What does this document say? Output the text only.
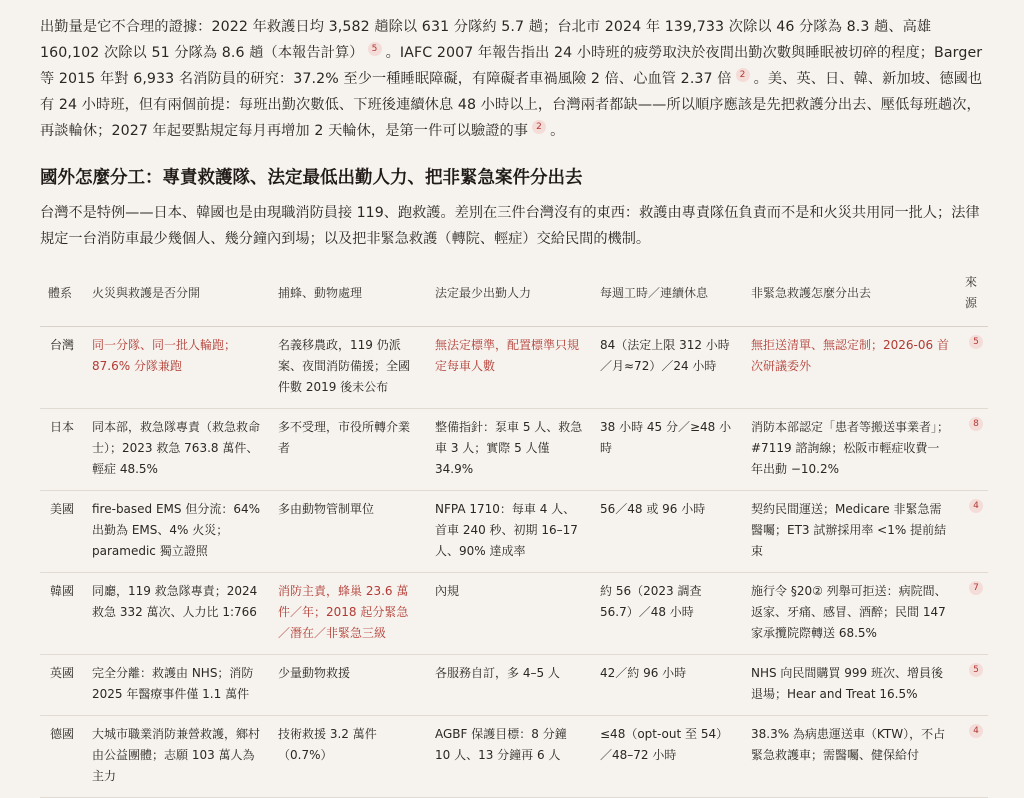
出勤量是它不合理的證據：2022 年救護日均 3,582 趟除以 631 分隊約 5.7 趟；台北市 2024 年 139,733 次除以 46 分隊為 8.3 趟、高雄 160,102 次除以 51 分隊為 8.6 趟（本報告計算） 5 。IAFC 2007 年報告指出 24 小時班的疲勞取決於夜間出勤次數與睡眠被切碎的程度；Barger 等 2015 年對 6,933 名消防員的研究：37.2% 至少一種睡眠障礙，有障礙者車禍風險 2 倍、心血管 2.37 倍 2 。美、英、日、韓、新加坡、德國也有 24 小時班，但有兩個前提：每班出勤次數低、下班後連續休息 48 小時以上，台灣兩者都缺——所以順序應該是先把救護分出去、壓低每班趟次，再談輪休；2027 年起要點規定每月再增加 2 天輪休，是第一件可以驗證的事 2 。

國外怎麼分工：專責救護隊、法定最低出勤人力、把非緊急案件分出去

台灣不是特例——日本、韓國也是由現職消防員接 119、跑救護。差別在三件台灣沒有的東西：救護由專責隊伍負責而不是和火災共用同一批人；法律規定一台消防車最少幾個人、幾分鐘內到場；以及把非緊急救護（轉院、輕症）交給民間的機制。

體系	火災與救護是否分開	捕蜂、動物處理	法定最少出勤人力	每週工時／連續休息	非緊急救護怎麼分出去	來源
台灣	同一分隊、同一批人輪跑；87.6% 分隊兼跑	名義移農政，119 仍派案、夜間消防備援；全國件數 2019 後未公布	無法定標準，配置標準只規定每車人數	84（法定上限 312 小時／月≈72）／24 小時	無拒送清單、無認定制；2026-06 首次研議委外	5
日本	同本部，救急隊專責（救急救命士）；2023 救急 763.8 萬件、輕症 48.5%	多不受理，市役所轉介業者	整備指針：泵車 5 人、救急車 3 人；實際 5 人僅 34.9%	38 小時 45 分／≥48 小時	消防本部認定「患者等搬送事業者」；#7119 諮詢線；松阪市輕症收費一年出動 −10.2%	8
美國	fire-based EMS 但分流：64% 出勤為 EMS、4% 火災；paramedic 獨立證照	多由動物管制單位	NFPA 1710：每車 4 人、首車 240 秒、初期 16–17 人、90% 達成率	56／48 或 96 小時	契約民間運送；Medicare 非緊急需醫囑；ET3 試辦採用率 <1% 提前結束	4
韓國	同廳，119 救急隊專責；2024 救急 332 萬次、人力比 1:766	消防主責，蜂巢 23.6 萬件／年；2018 起分緊急／潛在／非緊急三級	內規	約 56（2023 調查 56.7）／48 小時	施行令 §20② 列舉可拒送：病院間、返家、牙痛、感冒、酒醉；民間 147 家承攬院際轉送 68.5%	7
英國	完全分離：救護由 NHS；消防 2025 年醫療事件僅 1.1 萬件	少量動物救援	各服務自訂，多 4–5 人	42／約 96 小時	NHS 向民間購買 999 班次、增員後退場；Hear and Treat 16.5%	5
德國	大城市職業消防兼營救護，鄉村由公益團體；志願 103 萬人為主力	技術救援 3.2 萬件（0.7%）	AGBF 保護目標：8 分鐘 10 人、13 分鐘再 6 人	≤48（opt-out 至 54）／48–72 小時	38.3% 為病患運送車（KTW），不占緊急救護車；需醫囑、健保給付	4
